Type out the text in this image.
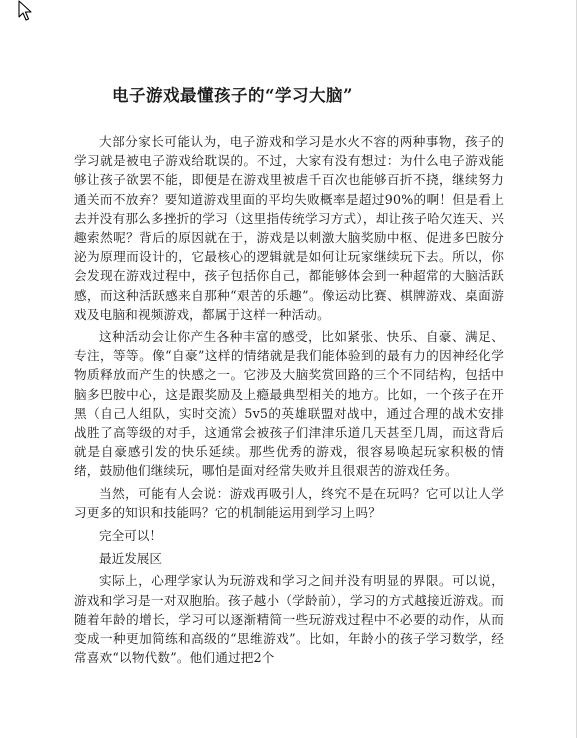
电子游戏最懂孩子的“学习大脑”

大部分家长可能认为，电子游戏和学习是水火不容的两种事物，孩子的学习就是被电子游戏给耽误的。不过，大家有没有想过：为什么电子游戏能够让孩子欲罢不能，即便是在游戏里被虐千百次也能够百折不挠，继续努力通关而不放弃？要知道游戏里面的平均失败概率是超过90%的啊！但是看上去并没有那么多挫折的学习（这里指传统学习方式），却让孩子哈欠连天、兴趣索然呢？背后的原因就在于，游戏是以刺激大脑奖励中枢、促进多巴胺分泌为原理而设计的，它最核心的逻辑就是如何让玩家继续玩下去。所以，你会发现在游戏过程中，孩子包括你自己，都能够体会到一种超常的大脑活跃感，而这种活跃感来自那种“艰苦的乐趣”。像运动比赛、棋牌游戏、桌面游戏及电脑和视频游戏，都属于这样一种活动。

这种活动会让你产生各种丰富的感受，比如紧张、快乐、自豪、满足、专注，等等。像“自豪”这样的情绪就是我们能体验到的最有力的因神经化学物质释放而产生的快感之一。它涉及大脑奖赏回路的三个不同结构，包括中脑多巴胺中心，这是跟奖励及上瘾最典型相关的地方。比如，一个孩子在开黑（自己人组队，实时交流）5v5的英雄联盟对战中，通过合理的战术安排战胜了高等级的对手，这通常会被孩子们津津乐道几天甚至几周，而这背后就是自豪感引发的快乐延续。那些优秀的游戏，很容易唤起玩家积极的情绪，鼓励他们继续玩，哪怕是面对经常失败并且很艰苦的游戏任务。

当然，可能有人会说：游戏再吸引人，终究不是在玩吗？它可以让人学习更多的知识和技能吗？它的机制能运用到学习上吗？

完全可以！

最近发展区

实际上，心理学家认为玩游戏和学习之间并没有明显的界限。可以说，游戏和学习是一对双胞胎。孩子越小（学龄前），学习的方式越接近游戏。而随着年龄的增长，学习可以逐渐精简一些玩游戏过程中不必要的动作，从而变成一种更加简练和高级的“思维游戏”。比如，年龄小的孩子学习数学，经常喜欢“以物代数”。他们通过把2个
